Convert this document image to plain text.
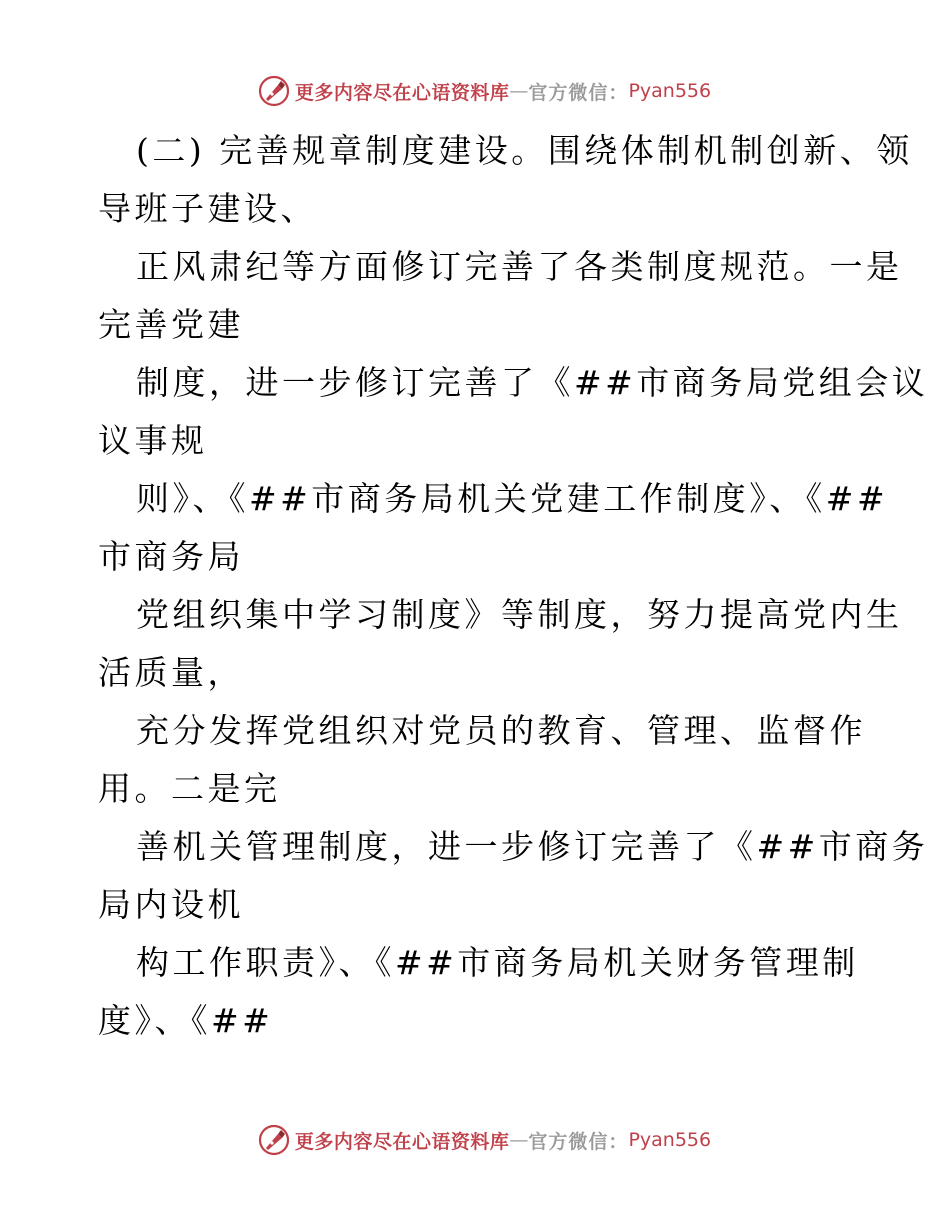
更多内容尽在心语资料库 — 官方微信： Pyan556
(二) 完善规章制度建设。围绕体制机制创新、领
导班子建设、
正风肃纪等方面修订完善了各类制度规范。一是
完善党建
制度，进一步修订完善了《##市商务局党组会议
议事规
则》、《##市商务局机关党建工作制度》、《##
市商务局
党组织集中学习制度》等制度，努力提高党内生
活质量，
充分发挥党组织对党员的教育、管理、监督作
用。二是完
善机关管理制度，进一步修订完善了《##市商务
局内设机
构工作职责》、《##市商务局机关财务管理制
度》、《##
更多内容尽在心语资料库 — 官方微信： Pyan556
